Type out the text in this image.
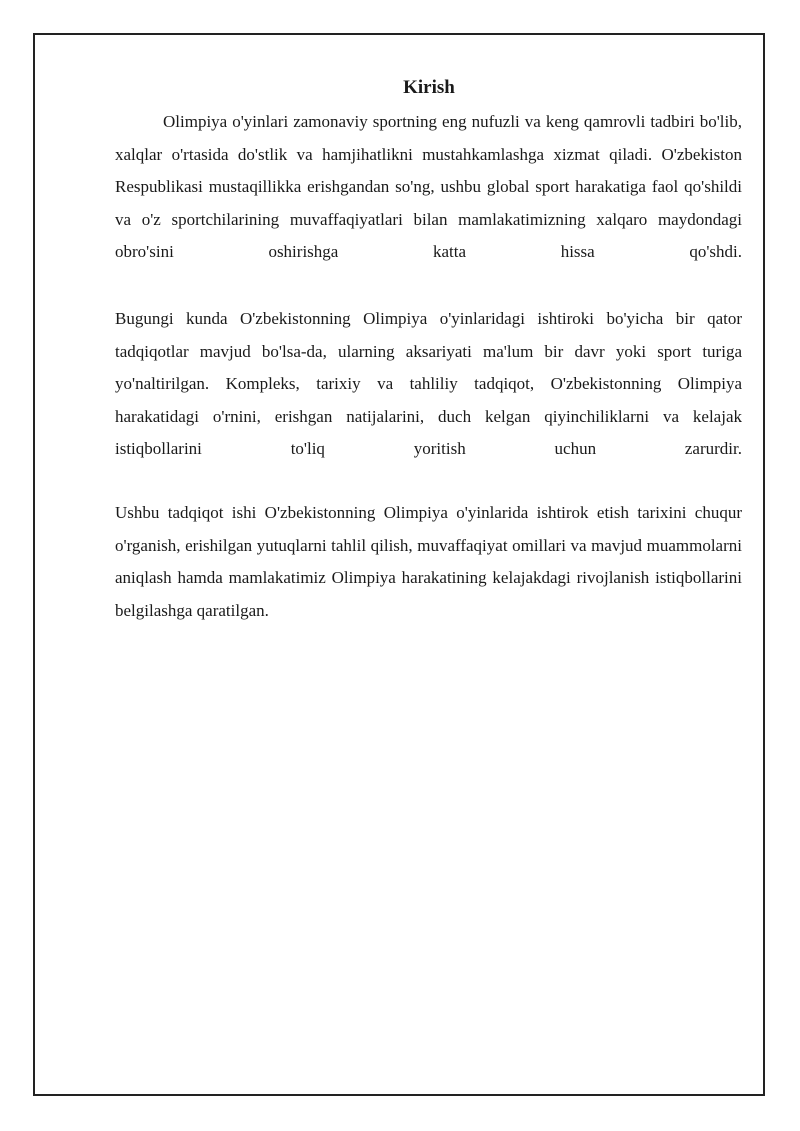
Kirish

Olimpiya o'yinlari zamonaviy sportning eng nufuzli va keng qamrovli tadbiri bo'lib, xalqlar o'rtasida do'stlik va hamjihatlikni mustahkamlashga xizmat qiladi. O'zbekiston Respublikasi mustaqillikka erishgandan so'ng, ushbu global sport harakatiga faol qo'shildi va o'z sportchilarining muvaffaqiyatlari bilan mamlakatimizning xalqaro maydondagi obro'sini oshirishga katta hissa qo'shdi.

Bugungi kunda O'zbekistonning Olimpiya o'yinlaridagi ishtiroki bo'yicha bir qator tadqiqotlar mavjud bo'lsa-da, ularning aksariyati ma'lum bir davr yoki sport turiga yo'naltirilgan. Kompleks, tarixiy va tahliliy tadqiqot, O'zbekistonning Olimpiya harakatidagi o'rnini, erishgan natijalarini, duch kelgan qiyinchiliklarni va kelajak istiqbollarini to'liq yoritish uchun zarurdir.

Ushbu tadqiqot ishi O'zbekistonning Olimpiya o'yinlarida ishtirok etish tarixini chuqur o'rganish, erishilgan yutuqlarni tahlil qilish, muvaffaqiyat omillari va mavjud muammolarni aniqlash hamda mamlakatimiz Olimpiya harakatining kelajakdagi rivojlanish istiqbollarini belgilashga qaratilgan.
